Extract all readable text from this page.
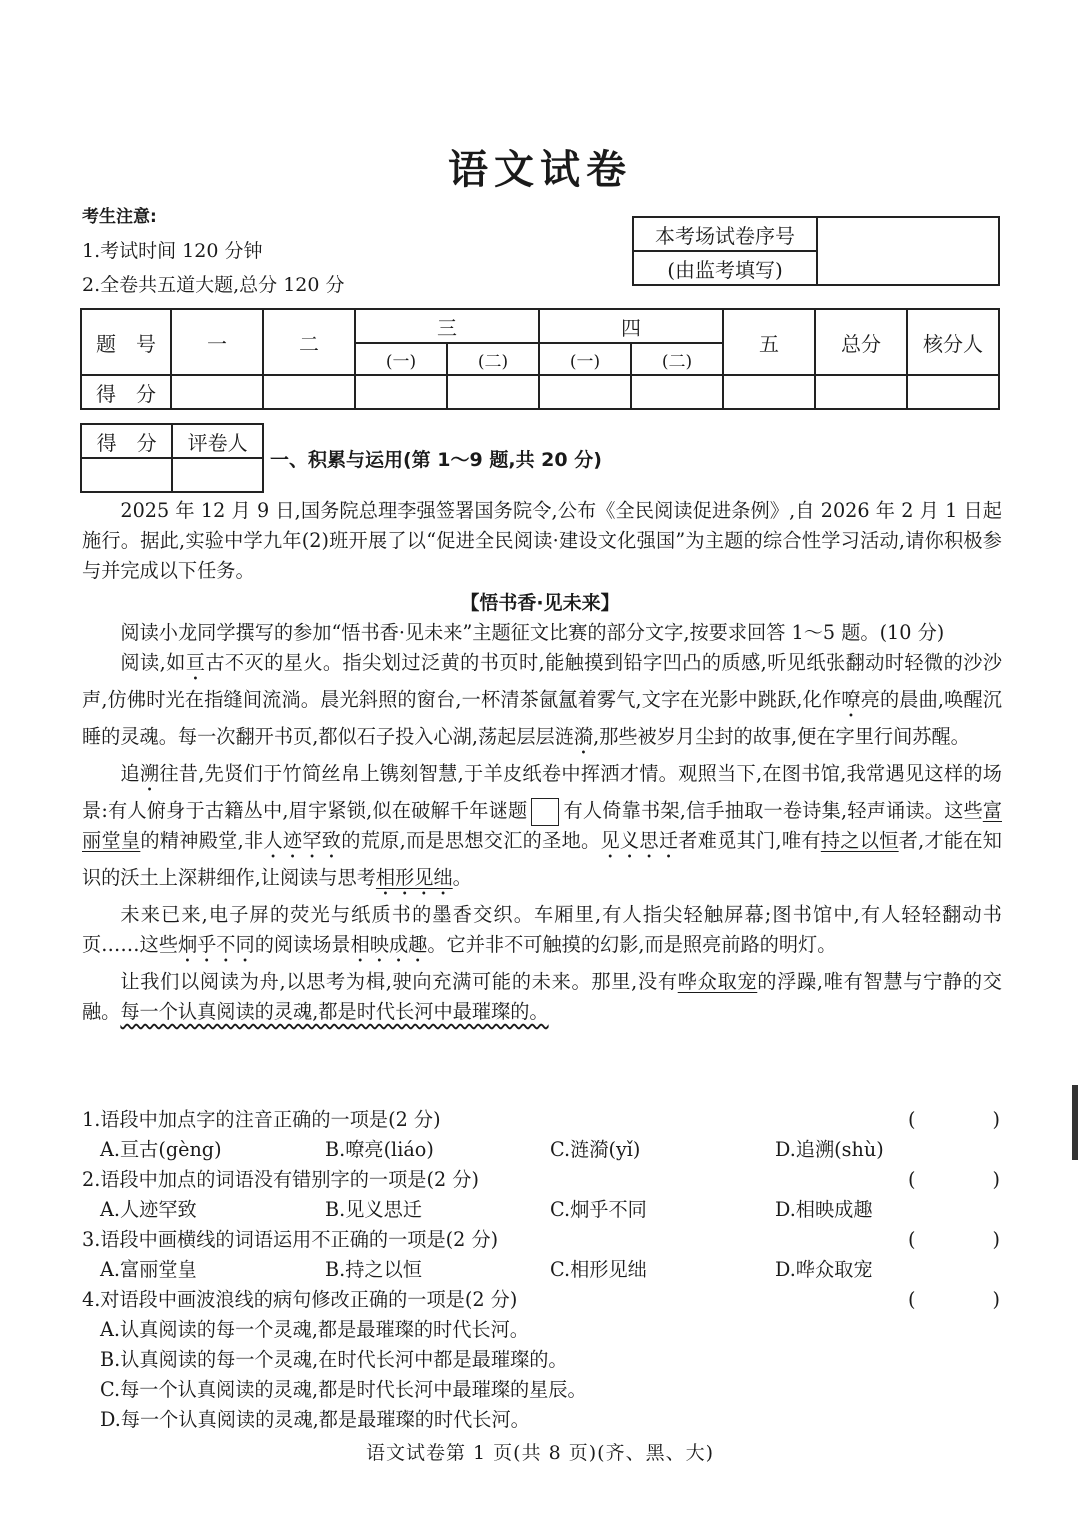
语文试卷
考生注意:
1.考试时间 120 分钟
2.全卷共五道大题,总分 120 分
本考场试卷序号	
(由监考填写)
题　号	一	二	三		四		五	总分	核分人
			(一)	(二)	(一)	(二)			
得　分									
得　分	评卷人

一、积累与运用(第 1～9 题,共 20 分)

2025 年 12 月 9 日,国务院总理李强签署国务院令,公布《全民阅读促进条例》,自 2026 年 2 月 1 日起施行。据此,实验中学九年(2)班开展了以“促进全民阅读·建设文化强国”为主题的综合性学习活动,请你积极参与并完成以下任务。

【悟书香·见未来】

阅读小龙同学撰写的参加“悟书香·见未来”主题征文比赛的部分文字,按要求回答 1～5 题。(10 分)

阅读,如亘古不灭的星火。指尖划过泛黄的书页时,能触摸到铅字凹凸的质感,听见纸张翻动时轻微的沙沙声,仿佛时光在指缝间流淌。晨光斜照的窗台,一杯清茶氤氲着雾气,文字在光影中跳跃,化作嘹亮的晨曲,唤醒沉睡的灵魂。每一次翻开书页,都似石子投入心湖,荡起层层涟漪,那些被岁月尘封的故事,便在字里行间苏醒。

追溯往昔,先贤们于竹简丝帛上镌刻智慧,于羊皮纸卷中挥洒才情。观照当下,在图书馆,我常遇见这样的场景:有人俯身于古籍丛中,眉宇紧锁,似在破解千年谜题 有人倚靠书架,信手抽取一卷诗集,轻声诵读。这些富丽堂皇的精神殿堂,非人迹罕致的荒原,而是思想交汇的圣地。见义思迁者难觅其门,唯有持之以恒者,才能在知识的沃土上深耕细作,让阅读与思考相形见绌。

未来已来,电子屏的荧光与纸质书的墨香交织。车厢里,有人指尖轻触屏幕;图书馆中,有人轻轻翻动书页……这些炯乎不同的阅读场景相映成趣。它并非不可触摸的幻影,而是照亮前路的明灯。

让我们以阅读为舟,以思考为楫,驶向充满可能的未来。那里,没有哗众取宠的浮躁,唯有智慧与宁静的交融。每一个认真阅读的灵魂,都是时代长河中最璀璨的。

1.语段中加点字的注音正确的一项是(2 分)	(	)
A.亘古(gèng)	B.嘹亮(liáo)	C.涟漪(yǐ)	D.追溯(shù)
2.语段中加点的词语没有错别字的一项是(2 分)	(	)
A.人迹罕致	B.见义思迁	C.炯乎不同	D.相映成趣
3.语段中画横线的词语运用不正确的一项是(2 分)	(	)
A.富丽堂皇	B.持之以恒	C.相形见绌	D.哗众取宠
4.对语段中画波浪线的病句修改正确的一项是(2 分)	(	)
A.认真阅读的每一个灵魂,都是最璀璨的时代长河。
B.认真阅读的每一个灵魂,在时代长河中都是最璀璨的。
C.每一个认真阅读的灵魂,都是时代长河中最璀璨的星辰。
D.每一个认真阅读的灵魂,都是最璀璨的时代长河。
语文试卷第 1 页(共 8 页)(齐、黑、大)
